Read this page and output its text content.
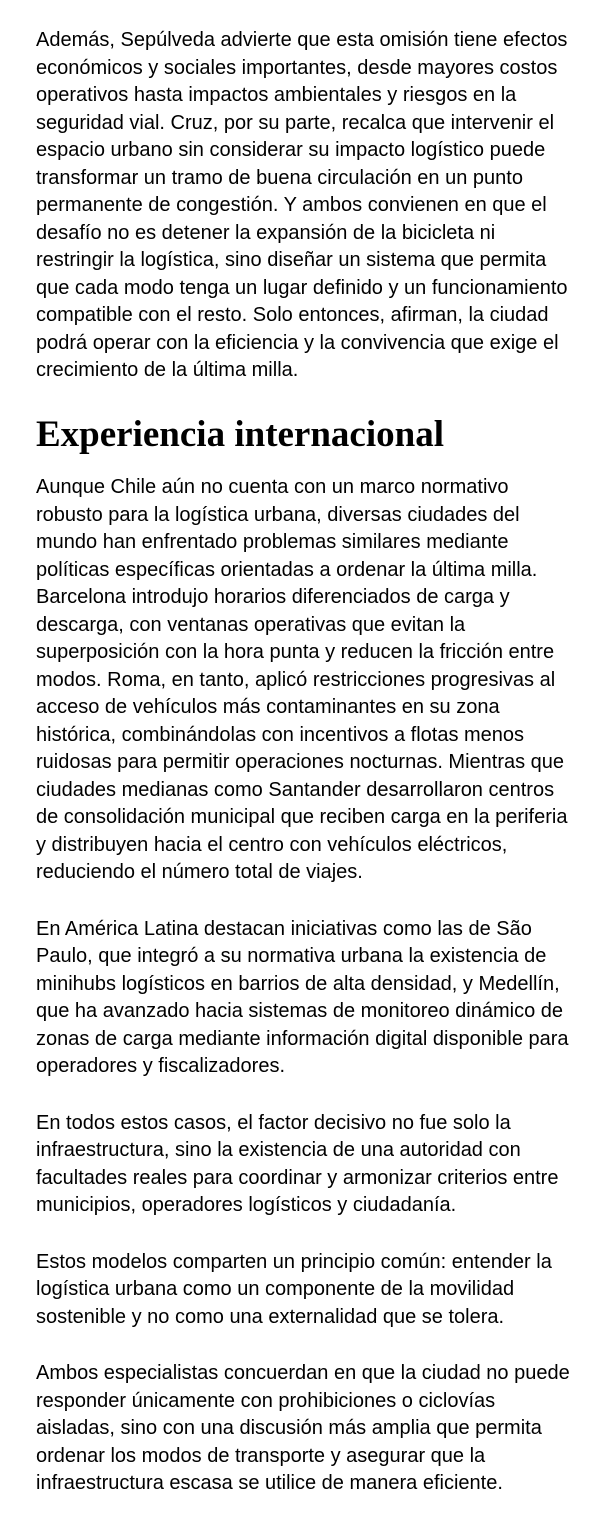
Además, Sepúlveda advierte que esta omisión tiene efectos económicos y sociales importantes, desde mayores costos operativos hasta impactos ambientales y riesgos en la seguridad vial. Cruz, por su parte, recalca que intervenir el espacio urbano sin considerar su impacto logístico puede transformar un tramo de buena circulación en un punto permanente de congestión. Y ambos convienen en que el desafío no es detener la expansión de la bicicleta ni restringir la logística, sino diseñar un sistema que permita que cada modo tenga un lugar definido y un funcionamiento compatible con el resto. Solo entonces, afirman, la ciudad podrá operar con la eficiencia y la convivencia que exige el crecimiento de la última milla.

Experiencia internacional

Aunque Chile aún no cuenta con un marco normativo robusto para la logística urbana, diversas ciudades del mundo han enfrentado problemas similares mediante políticas específicas orientadas a ordenar la última milla. Barcelona introdujo horarios diferenciados de carga y descarga, con ventanas operativas que evitan la superposición con la hora punta y reducen la fricción entre modos. Roma, en tanto, aplicó restricciones progresivas al acceso de vehículos más contaminantes en su zona histórica, combinándolas con incentivos a flotas menos ruidosas para permitir operaciones nocturnas. Mientras que ciudades medianas como Santander desarrollaron centros de consolidación municipal que reciben carga en la periferia y distribuyen hacia el centro con vehículos eléctricos, reduciendo el número total de viajes.

En América Latina destacan iniciativas como las de São Paulo, que integró a su normativa urbana la existencia de minihubs logísticos en barrios de alta densidad, y Medellín, que ha avanzado hacia sistemas de monitoreo dinámico de zonas de carga mediante información digital disponible para operadores y fiscalizadores.

En todos estos casos, el factor decisivo no fue solo la infraestructura, sino la existencia de una autoridad con facultades reales para coordinar y armonizar criterios entre municipios, operadores logísticos y ciudadanía.

Estos modelos comparten un principio común: entender la logística urbana como un componente de la movilidad sostenible y no como una externalidad que se tolera.

Ambos especialistas concuerdan en que la ciudad no puede responder únicamente con prohibiciones o ciclovías aisladas, sino con una discusión más amplia que permita ordenar los modos de transporte y asegurar que la infraestructura escasa se utilice de manera eficiente.
